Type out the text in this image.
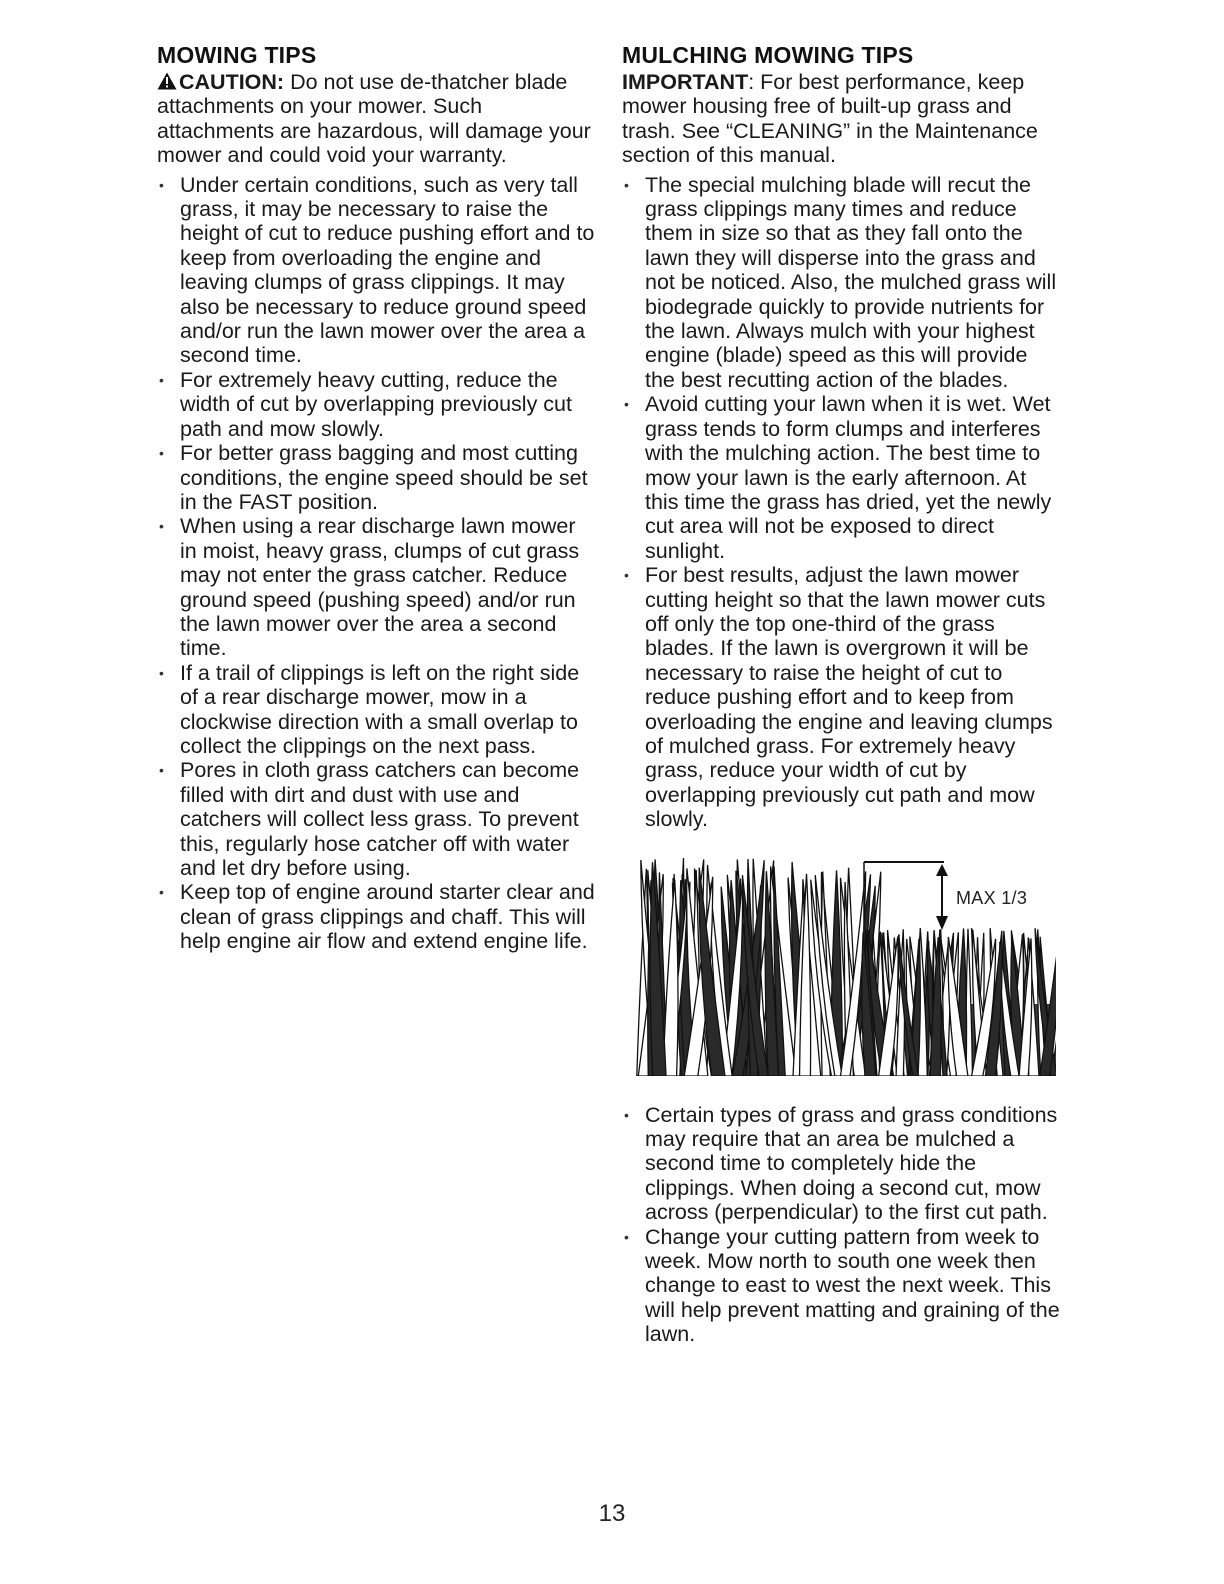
MOWING TIPS

CAUTION: Do not use de-thatcher blade attachments on your mower. Such attachments are hazardous, will damage your mower and could void your warranty.

• Under certain conditions, such as very tall grass, it may be necessary to raise the height of cut to reduce pushing effort and to keep from overloading the engine and leaving clumps of grass clippings. It may also be necessary to reduce ground speed and/or run the lawn mower over the area a second time.
• For extremely heavy cutting, reduce the width of cut by overlapping previously cut path and mow slowly.
• For better grass bagging and most cutting conditions, the engine speed should be set in the FAST position.
• When using a rear discharge lawn mower in moist, heavy grass, clumps of cut grass may not enter the grass catcher. Reduce ground speed (pushing speed) and/or run the lawn mower over the area a second time.
• If a trail of clippings is left on the right side of a rear discharge mower, mow in a clockwise direction with a small overlap to collect the clippings on the next pass.
• Pores in cloth grass catchers can become filled with dirt and dust with use and catchers will collect less grass. To prevent this, regularly hose catcher off with water and let dry before using.
• Keep top of engine around starter clear and clean of grass clippings and chaff. This will help engine air flow and extend engine life.
MULCHING MOWING TIPS

IMPORTANT: For best performance, keep mower housing free of built-up grass and trash. See “CLEANING” in the Maintenance section of this manual.

• The special mulching blade will recut the grass clippings many times and reduce them in size so that as they fall onto the lawn they will disperse into the grass and not be noticed. Also, the mulched grass will biodegrade quickly to provide nutrients for the lawn. Always mulch with your highest engine (blade) speed as this will provide the best recutting action of the blades.
• Avoid cutting your lawn when it is wet. Wet grass tends to form clumps and interferes with the mulching action. The best time to mow your lawn is the early afternoon. At this time the grass has dried, yet the newly cut area will not be exposed to direct sunlight.
• For best results, adjust the lawn mower cutting height so that the lawn mower cuts off only the top one-third of the grass blades. If the lawn is overgrown it will be necessary to raise the height of cut to reduce pushing effort and to keep from overloading the engine and leaving clumps of mulched grass. For extremely heavy grass, reduce your width of cut by overlapping previously cut path and mow slowly.
MAX 1/3
• Certain types of grass and grass conditions may require that an area be mulched a second time to completely hide the clippings. When doing a second cut, mow across (perpendicular) to the first cut path.
• Change your cutting pattern from week to week. Mow north to south one week then change to east to west the next week. This will help prevent matting and graining of the lawn.
13
